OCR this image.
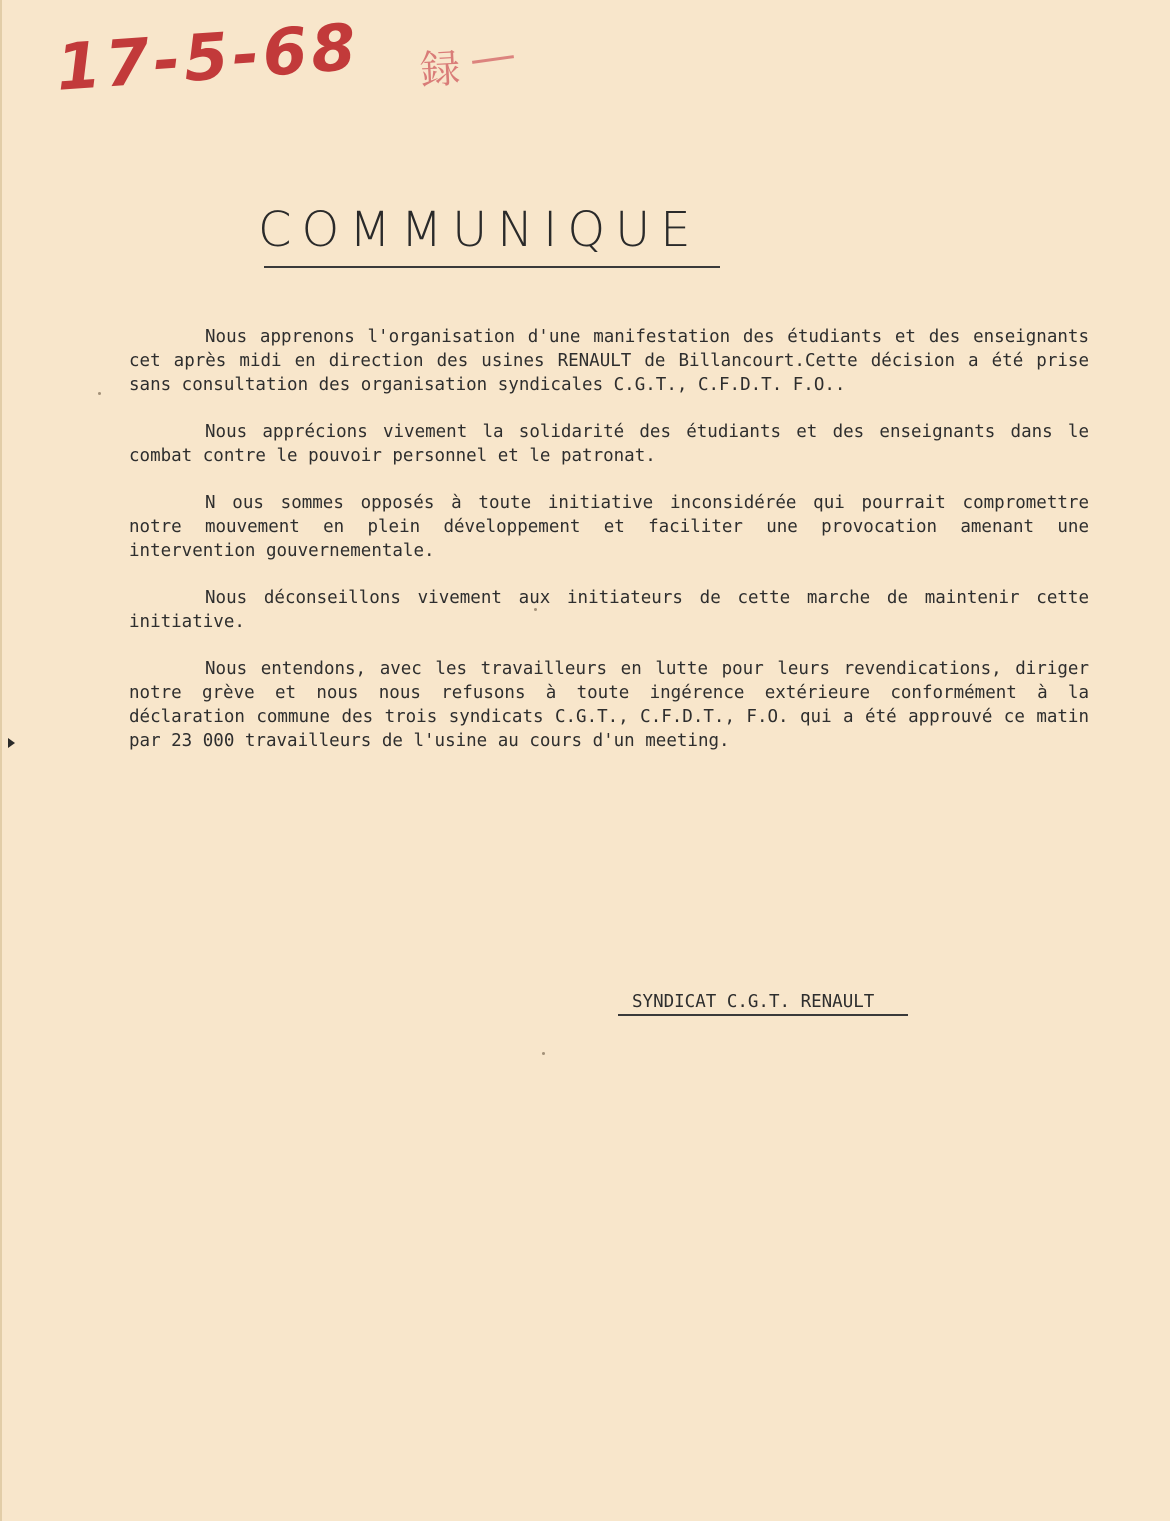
17-5-68 録
COMMUNIQUE

Nous apprenons l'organisation d'une manifestation des étudiants et des enseignants cet après midi en direction des usines RENAULT de Billancourt.Cette décision a été prise sans consultation des organisation syndicales C.G.T., C.F.D.T. F.O..

Nous apprécions vivement la solidarité des étudiants et des enseignants dans le combat contre le pouvoir personnel et le patronat.

N ous sommes opposés à toute initiative inconsidérée qui pourrait compromettre notre mouvement en plein développement et faciliter une provocation amenant une intervention gouvernementale.

Nous déconseillons vivement aux initiateurs de cette marche de maintenir cette initiative.

Nous entendons, avec les travailleurs en lutte pour leurs revendications, diriger notre grève et nous nous refusons à toute ingérence extérieure conformément à la déclaration commune des trois syndicats C.G.T., C.F.D.T., F.O. qui a été approuvé ce matin par 23 000 travailleurs de l'usine au cours d'un meeting.

SYNDICAT C.G.T. RENAULT
